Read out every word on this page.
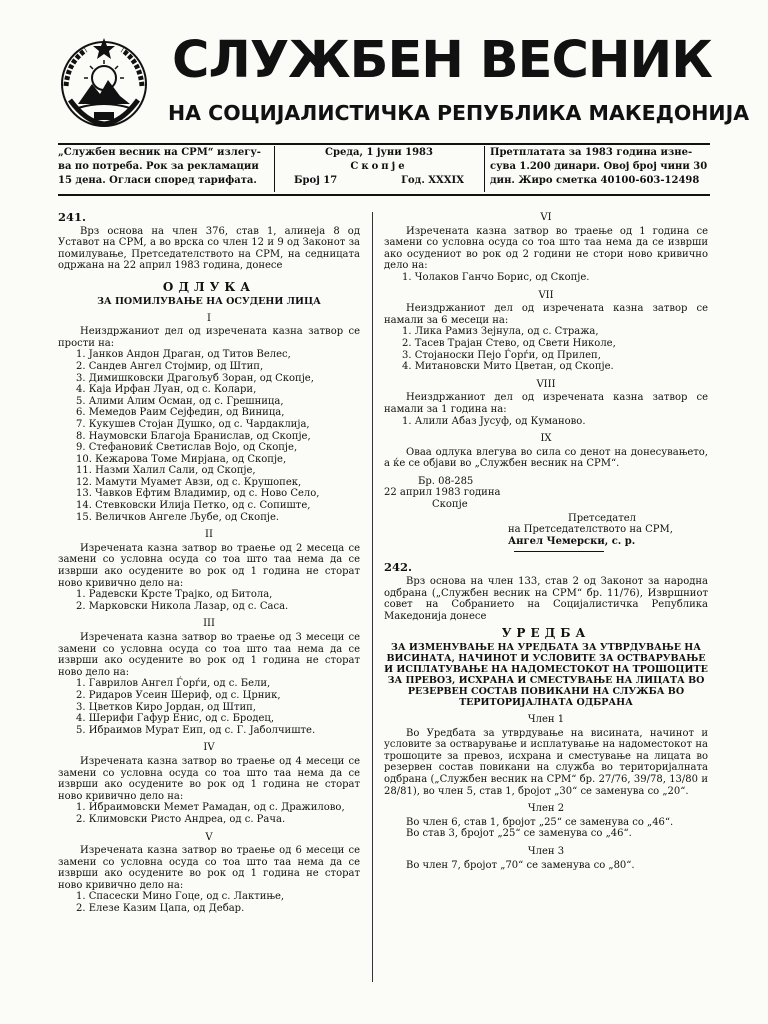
СЛУЖБЕН ВЕСНИК
НА СОЦИЈАЛИСТИЧКА РЕПУБЛИКА МАКЕДОНИЈА
„Службен весник на СРМ“ излегу-ва по потреба. Рок за рекламации 15 дена. Огласи според тарифата.
Среда, 1 јуни 1983
Скопје
Број 17	Год. XXXIX
Претплатата за 1983 година изне-сува 1.200 динари. Овој број чини 30 дин. Жиро сметка 40100-603-12498
241.

Врз основа на член 376, став 1, алинеја 8 од Уставот на СРМ, а во врска со член 12 и 9 од Законот за помилување, Претседателството на СРМ, на седницата одржана на 22 април 1983 година, донесе

ОДЛУКА
ЗА ПОМИЛУВАЊЕ НА ОСУДЕНИ ЛИЦА
I

Неиздржаниот дел од изречената казна затвор се прости на:

1. Јанков Андон Драган, од Титов Велес,
2. Сандев Ангел Стојмир, од Штип,
3. Димишковски Драгољуб Зоран, од Скопје,
4. Каја Ирфан Луан, од с. Колари,
5. Алими Алим Осман, од с. Грешница,
6. Мемедов Раим Сејфедин, од Виница,
7. Кукушев Стојан Душко, од с. Чардаклија,
8. Наумовски Благоја Бранислав, од Скопје,
9. Стефановиќ Светислав Војо, од Скопје,
10. Кежарова Томе Мирјана, од Скопје,
11. Назми Халил Сали, од Скопје,
12. Мамути Муамет Авзи, од с. Крушопек,
13. Чавков Ефтим Владимир, од с. Ново Село,
14. Стевковски Илија Петко, од с. Сопиште,
15. Величков Ангеле Љубе, од Скопје.
II

Изречената казна затвор во траење од 2 месеца се замени со условна осуда со тоа што таа нема да се изврши ако осудените во рок од 1 година не сторат ново кривично дело на:

1. Радевски Крсте Трајко, од Битола,
2. Марковски Никола Лазар, од с. Саса.
III

Изречената казна затвор во траење од 3 месеци се замени со условна осуда со тоа што таа нема да се изврши ако осудените во рок од 1 година не сторат ново дело на:

1. Гаврилов Ангел Ѓорѓи, од с. Бели,
2. Ридаров Усеин Шериф, од с. Црник,
3. Цветков Киро Јордан, од Штип,
4. Шерифи Гафур Енис, од с. Бродец,
5. Ибраимов Мурат Еип, од с. Г. Јаболчиште.
IV

Изречената казна затвор во траење од 4 месеци се замени со условна осуда со тоа што таа нема да се изврши ако осудените во рок од 1 година не сторат ново кривично дело на:

1. Ибраимовски Мемет Рамадан, од с. Дражилово,
2. Климовски Ристо Андреа, од с. Рача.
V

Изречената казна затвор во траење од 6 месеци се замени со условна осуда со тоа што таа нема да се изврши ако осудените во рок од 1 година не сторат ново кривично дело на:

1. Спасески Мино Гоце, од с. Лактиње,
2. Елезе Казим Цапа, од Дебар.
VI

Изречената казна затвор во траење од 1 година се замени со условна осуда со тоа што таа нема да се изврши ако осудениот во рок од 2 години не стори ново кривично дело на:

1. Чолаков Ганчо Борис, од Скопје.
VII

Неиздржаниот дел од изречената казна затвор се намали за 6 месеци на:

1. Лика Рамиз Зејнула, од с. Стража,
2. Тасев Трајан Стево, од Свети Николе,
3. Стојаноски Пејо Ѓорѓи, од Прилеп,
4. Митановски Мито Цветан, од Скопје.
VIII

Неиздржаниот дел од изречената казна затвор се намали за 1 година на:

1. Алили Абаз Јусуф, од Куманово.
IX

Оваа одлука влегува во сила со денот на донесувањето, а ќе се објави во „Службен весник на СРМ“.

Бр. 08-285
22 април 1983 година
Скопје
Претседател
на Претседателството на СРМ,
Ангел Чемерски, с. р.
242.

Врз основа на член 133, став 2 од Законот за народна одбрана („Службен весник на СРМ“ бр. 11/76), Извршниот совет на Собранието на Социјалистичка Република Македонија донесе

УРЕДБА
ЗА ИЗМЕНУВАЊЕ НА УРЕДБАТА ЗА УТВРДУВАЊЕ НА ВИСИНАТА, НАЧИНОТ И УСЛОВИТЕ ЗА ОСТВАРУВАЊЕ И ИСПЛАТУВАЊЕ НА НАДОМЕСТОКОТ НА ТРОШОЦИТЕ ЗА ПРЕВОЗ, ИСХРАНА И СМЕСТУВАЊЕ НА ЛИЦАТА ВО РЕЗЕРВЕН СОСТАВ ПОВИКАНИ НА СЛУЖБА ВО ТЕРИТОРИЈАЛНАТА ОДБРАНА
Член 1

Во Уредбата за утврдување на висината, начинот и условите за остварување и исплатување на надоместокот на трошоците за превоз, исхрана и сместување на лицата во резервен состав повикани на служба во територијалната одбрана („Службен весник на СРМ“ бр. 27/76, 39/78, 13/80 и 28/81), во член 5, став 1, бројот „30“ се заменува со „20“.

Член 2

Во член 6, став 1, бројот „25“ се заменува со „46“.

Во став 3, бројот „25“ се заменува со „46“.

Член 3

Во член 7, бројот „70“ се заменува со „80“.
